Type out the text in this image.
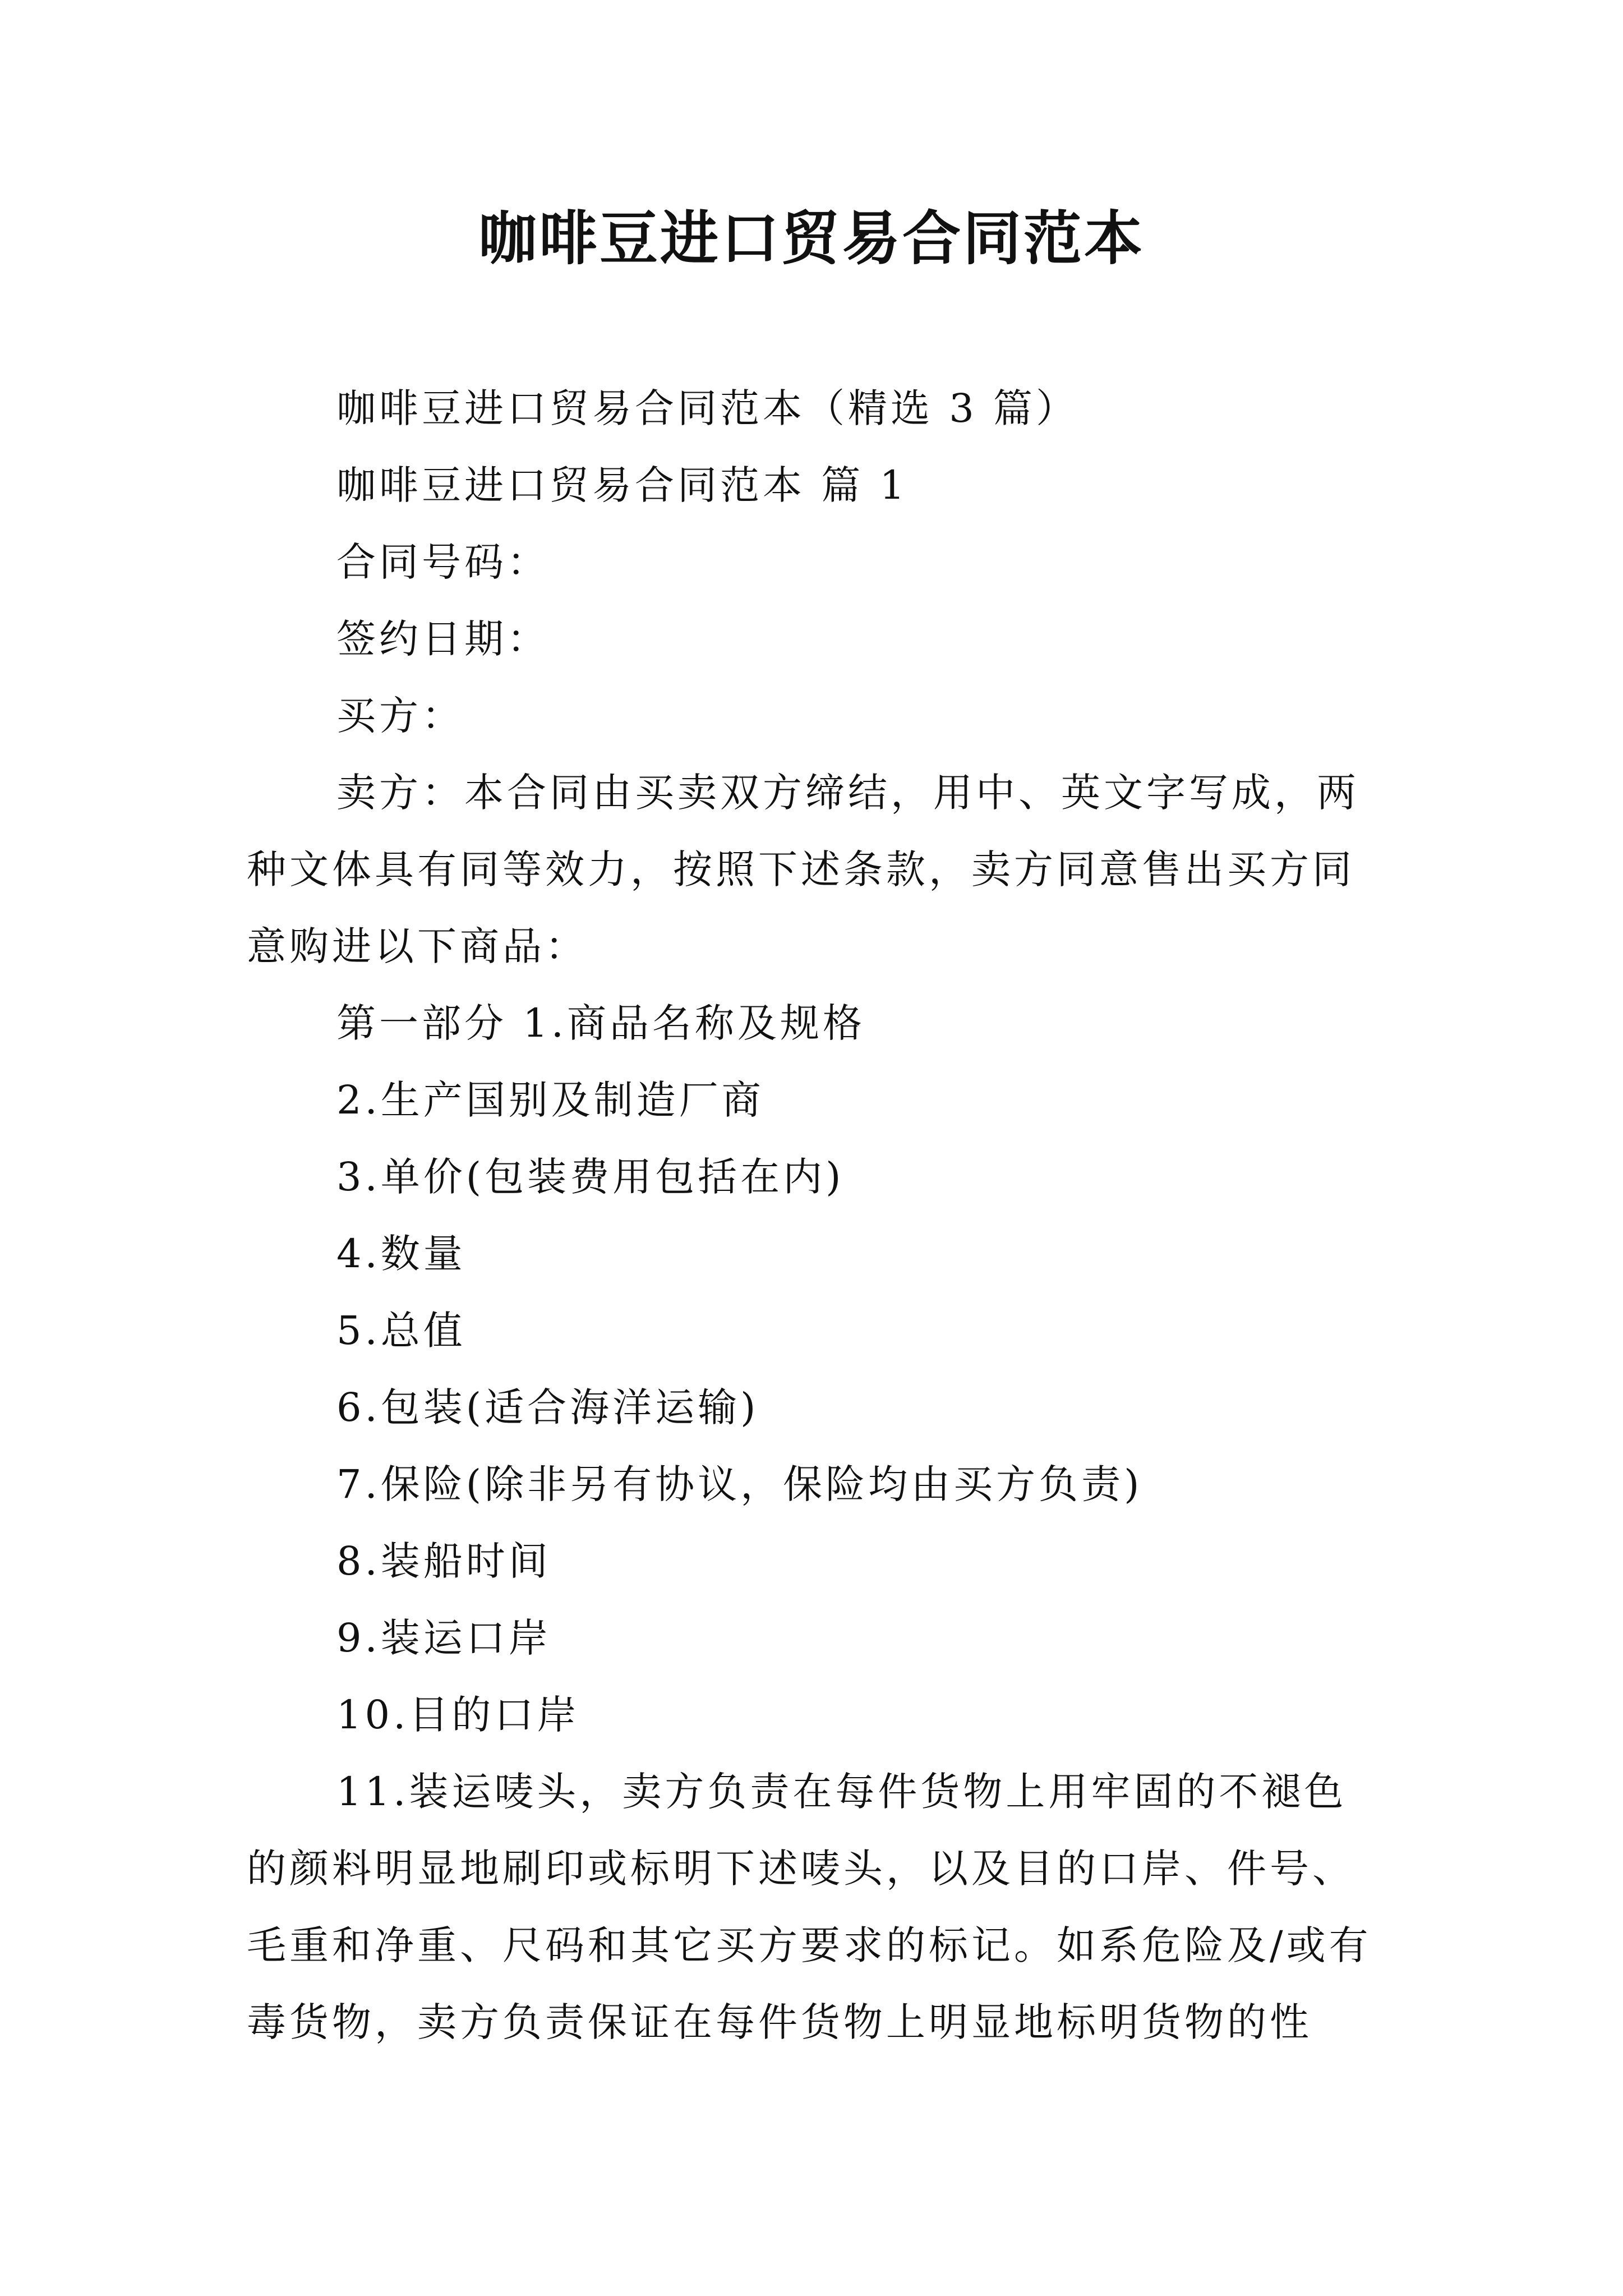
咖啡豆进口贸易合同范本

咖啡豆进口贸易合同范本（精选 3 篇）

咖啡豆进口贸易合同范本 篇 1

合同号码：

签约日期：

买方：

卖方：本合同由买卖双方缔结，用中、英文字写成，两种文体具有同等效力，按照下述条款，卖方同意售出买方同意购进以下商品：

第一部分 1.商品名称及规格

2.生产国别及制造厂商

3.单价(包装费用包括在内)

4.数量

5.总值

6.包装(适合海洋运输)

7.保险(除非另有协议，保险均由买方负责)

8.装船时间

9.装运口岸

10.目的口岸

11.装运唛头，卖方负责在每件货物上用牢固的不褪色的颜料明显地刷印或标明下述唛头，以及目的口岸、件号、毛重和净重、尺码和其它买方要求的标记。如系危险及/或有毒货物，卖方负责保证在每件货物上明显地标明货物的性
